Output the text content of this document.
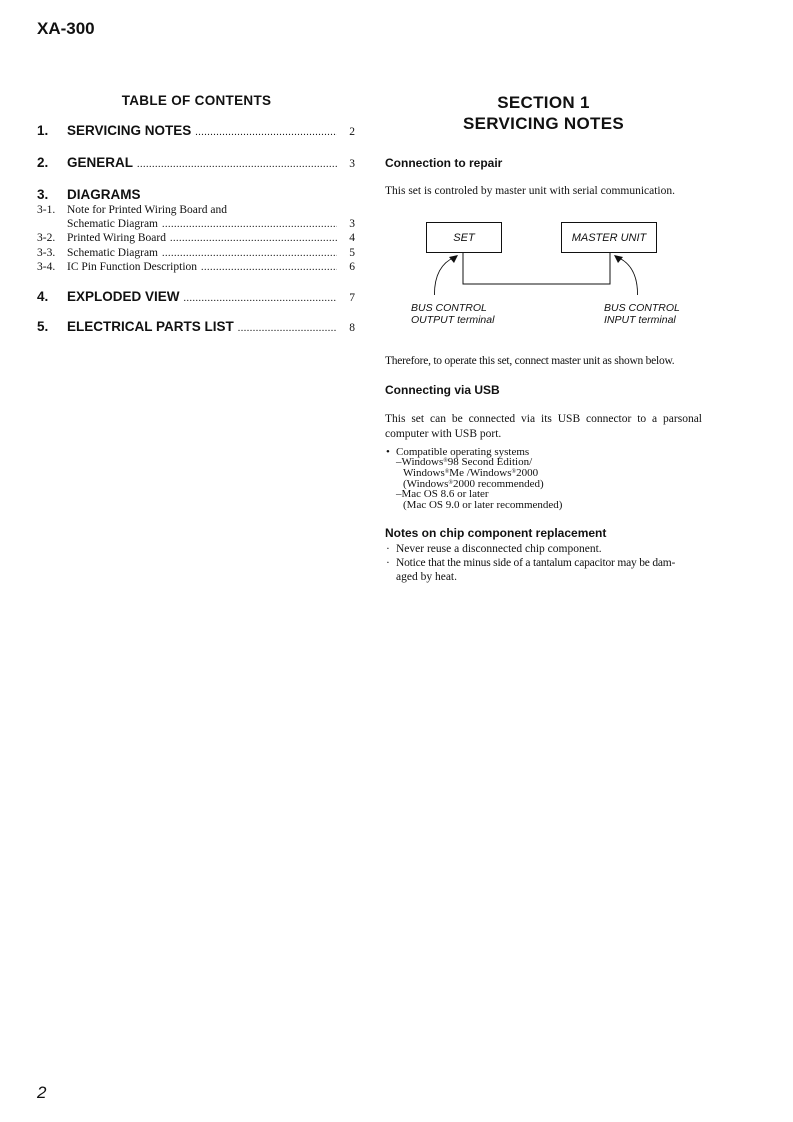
XA-300
2
TABLE OF CONTENTS
1.	SERVICING NOTES .....	2
2.	GENERAL .....	3
3.	DIAGRAMS
3-1.	Note for Printed Wiring Board and
Schematic Diagram .....	3
3-2.	Printed Wiring Board .....	4
3-3.	Schematic Diagram .....	5
3-4.	IC Pin Function Description .....	6
4.	EXPLODED VIEW .....	7
5.	ELECTRICAL PARTS LIST .....	8
SECTION 1
SERVICING NOTES
Connection to repair
This set is controled by master unit with serial communication.
SET	MASTER UNIT
BUS CONTROL
OUTPUT terminal
BUS CONTROL
INPUT terminal
Therefore, to operate this set, connect master unit as shown below.
Connecting via USB
This set can be connected via its USB connector to a parsonal computer with USB port.
• Compatible operating systems
–Windows®98 Second Edition/
Windows®Me /Windows®2000
(Windows®2000 recommended)
–Mac OS 8.6 or later
(Mac OS 9.0 or later recommended)
Notes on chip component replacement
· Never reuse a disconnected chip component.
· Notice that the minus side of a tantalum capacitor may be dam-
aged by heat.
